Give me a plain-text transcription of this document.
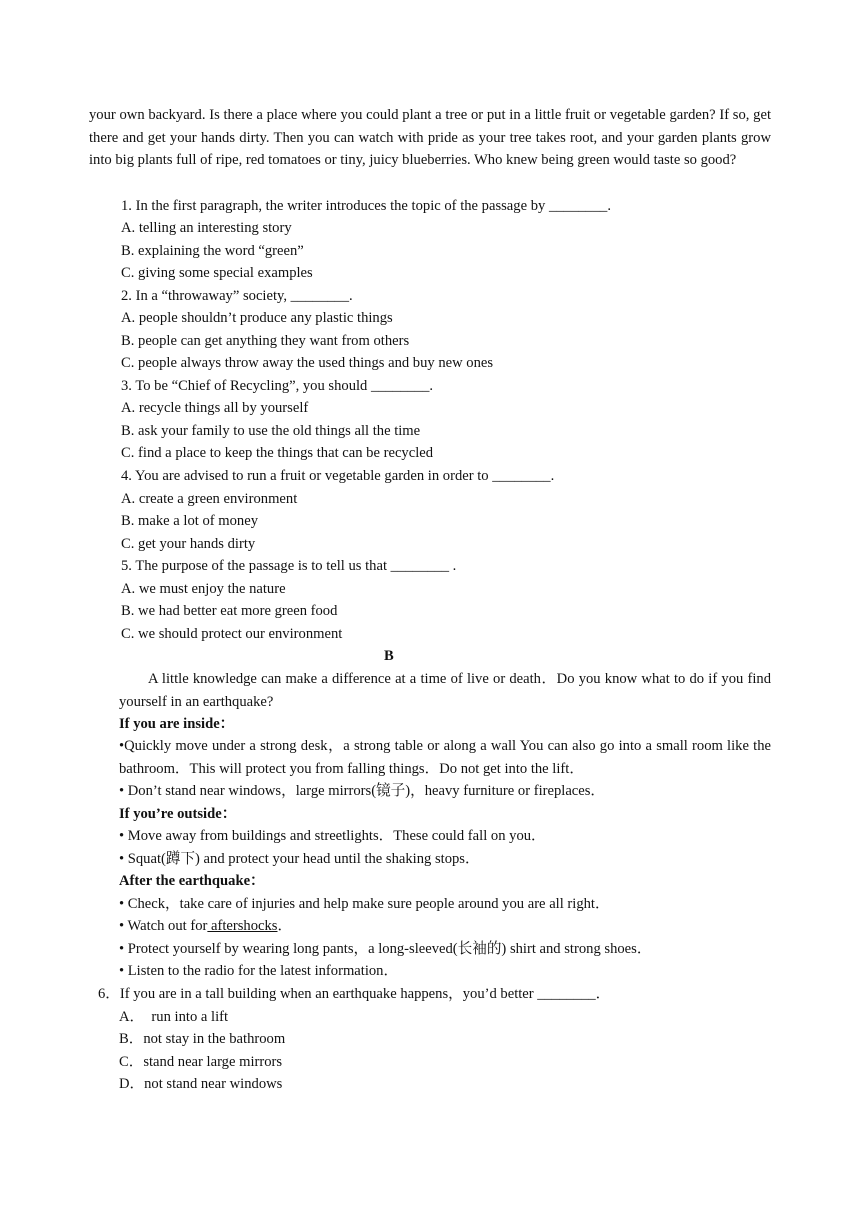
your own backyard. Is there a place where you could plant a tree or put in a little fruit or vegetable garden? If so, get there and get your hands dirty. Then you can watch with pride as your tree takes root, and your garden plants grow into big plants full of ripe, red tomatoes or tiny, juicy blueberries. Who knew being green would taste so good?
1. In the first paragraph, the writer introduces the topic of the passage by ________.
A. telling an interesting story
B. explaining the word “green”
C. giving some special examples
2. In a “throwaway” society, ________.
A. people shouldn’t produce any plastic things
B. people can get anything they want from others
C. people always throw away the used things and buy new ones
3. To be “Chief of Recycling”, you should ________.
A. recycle things all by yourself
B. ask your family to use the old things all the time
C. find a place to keep the things that can be recycled
4. You are advised to run a fruit or vegetable garden in order to ________.
A. create a green environment
B. make a lot of money
C. get your hands dirty
5. The purpose of the passage is to tell us that ________ .
A. we must enjoy the nature
B. we had better eat more green food
C. we should protect our environment
B
A little knowledge can make a difference at a time of live or death．Do you know what to do if you find yourself in an earthquake?
If you are inside：
•Quickly move under a strong desk，a strong table or along a wall You can also go into a small room like the bathroom．This will protect you from falling things．Do not get into the lift．
• Don’t stand near windows，large mirrors(镜子)，heavy furniture or fireplaces．
If you’re outside：
• Move away from buildings and streetlights．These could fall on you．
• Squat(蹲下) and protect your head until the shaking stops．
After the earthquake：
• Check，take care of injuries and help make sure people around you are all right．
• Watch out for aftershocks．
• Protect yourself by wearing long pants，a long-sleeved(长袖的) shirt and strong shoes．
• Listen to the radio for the latest information．
6．If you are in a tall building when an earthquake happens，you’d better ________．
A．  run into a lift
B．not stay in the bathroom
C．stand near large mirrors
D．not stand near windows
